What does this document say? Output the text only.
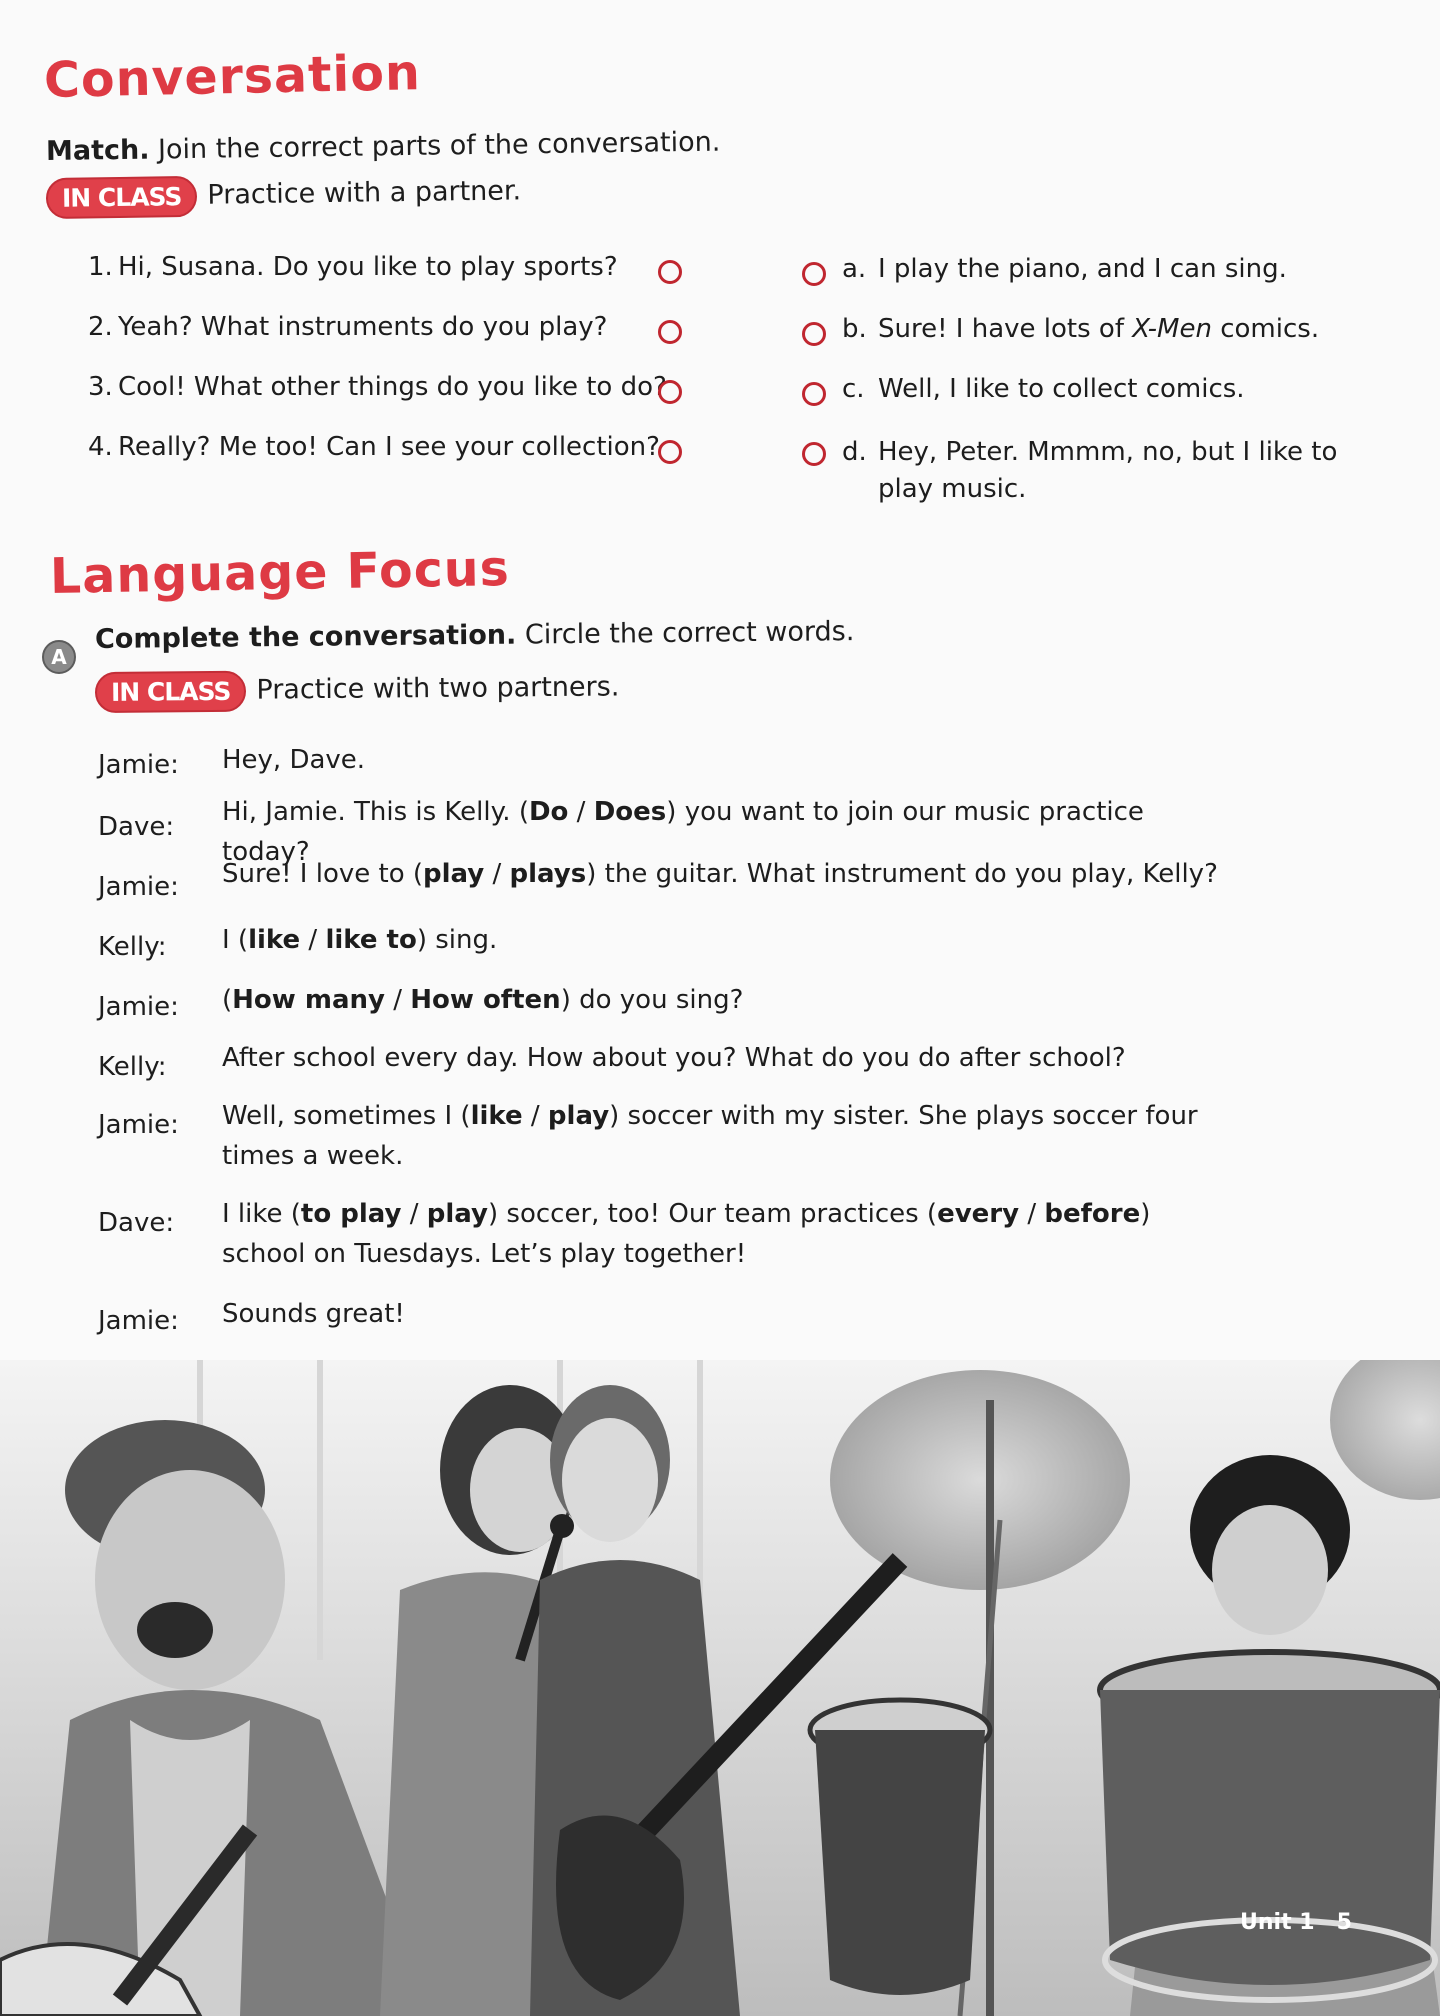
Conversation
Match. Join the correct parts of the conversation.
IN CLASS Practice with a partner.
1. Hi, Susana. Do you like to play sports?
2. Yeah? What instruments do you play?
3. Cool! What other things do you like to do?
4. Really? Me too! Can I see your collection?
a. I play the piano, and I can sing.
b. Sure! I have lots of X-Men comics.
c. Well, I like to collect comics.
d. Hey, Peter. Mmmm, no, but I like to
play music.
Language Focus
A
Complete the conversation. Circle the correct words.
IN CLASS Practice with two partners.
Jamie: Hey, Dave.
Dave: Hi, Jamie. This is Kelly. (Do / Does) you want to join our music practice today?
Jamie: Sure! I love to (play / plays) the guitar. What instrument do you play, Kelly?
Kelly: I (like / like to) sing.
Jamie: (How many / How often) do you sing?
Kelly: After school every day. How about you? What do you do after school?
Jamie: Well, sometimes I (like / play) soccer with my sister. She plays soccer four times a week.
Dave: I like (to play / play) soccer, too! Our team practices (every / before) school on Tuesdays. Let’s play together!
Jamie: Sounds great!
Unit 1 5
